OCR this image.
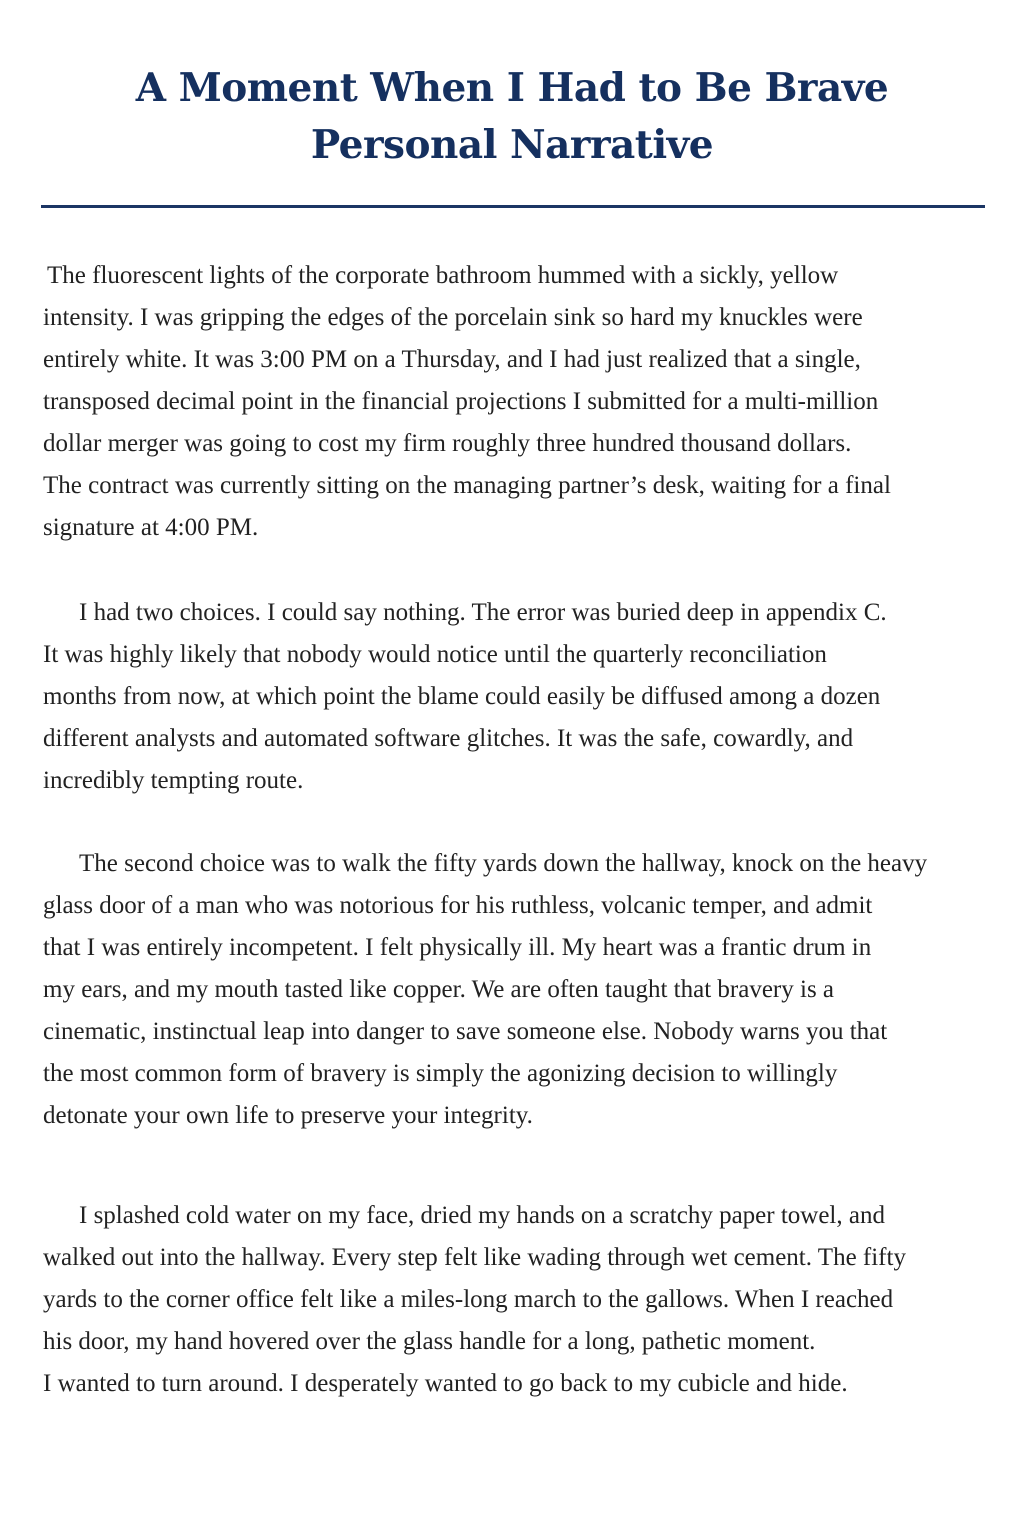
A Moment When I Had to Be Brave
Personal Narrative

The fluorescent lights of the corporate bathroom hummed with a sickly, yellow
intensity. I was gripping the edges of the porcelain sink so hard my knuckles were
entirely white. It was 3:00 PM on a Thursday, and I had just realized that a single,
transposed decimal point in the financial projections I submitted for a multi-million
dollar merger was going to cost my firm roughly three hundred thousand dollars.
The contract was currently sitting on the managing partner’s desk, waiting for a final
signature at 4:00 PM.

I had two choices. I could say nothing. The error was buried deep in appendix C.
It was highly likely that nobody would notice until the quarterly reconciliation
months from now, at which point the blame could easily be diffused among a dozen
different analysts and automated software glitches. It was the safe, cowardly, and
incredibly tempting route.

The second choice was to walk the fifty yards down the hallway, knock on the heavy
glass door of a man who was notorious for his ruthless, volcanic temper, and admit
that I was entirely incompetent. I felt physically ill. My heart was a frantic drum in
my ears, and my mouth tasted like copper. We are often taught that bravery is a
cinematic, instinctual leap into danger to save someone else. Nobody warns you that
the most common form of bravery is simply the agonizing decision to willingly
detonate your own life to preserve your integrity.

I splashed cold water on my face, dried my hands on a scratchy paper towel, and
walked out into the hallway. Every step felt like wading through wet cement. The fifty
yards to the corner office felt like a miles-long march to the gallows. When I reached
his door, my hand hovered over the glass handle for a long, pathetic moment.
I wanted to turn around. I desperately wanted to go back to my cubicle and hide.
